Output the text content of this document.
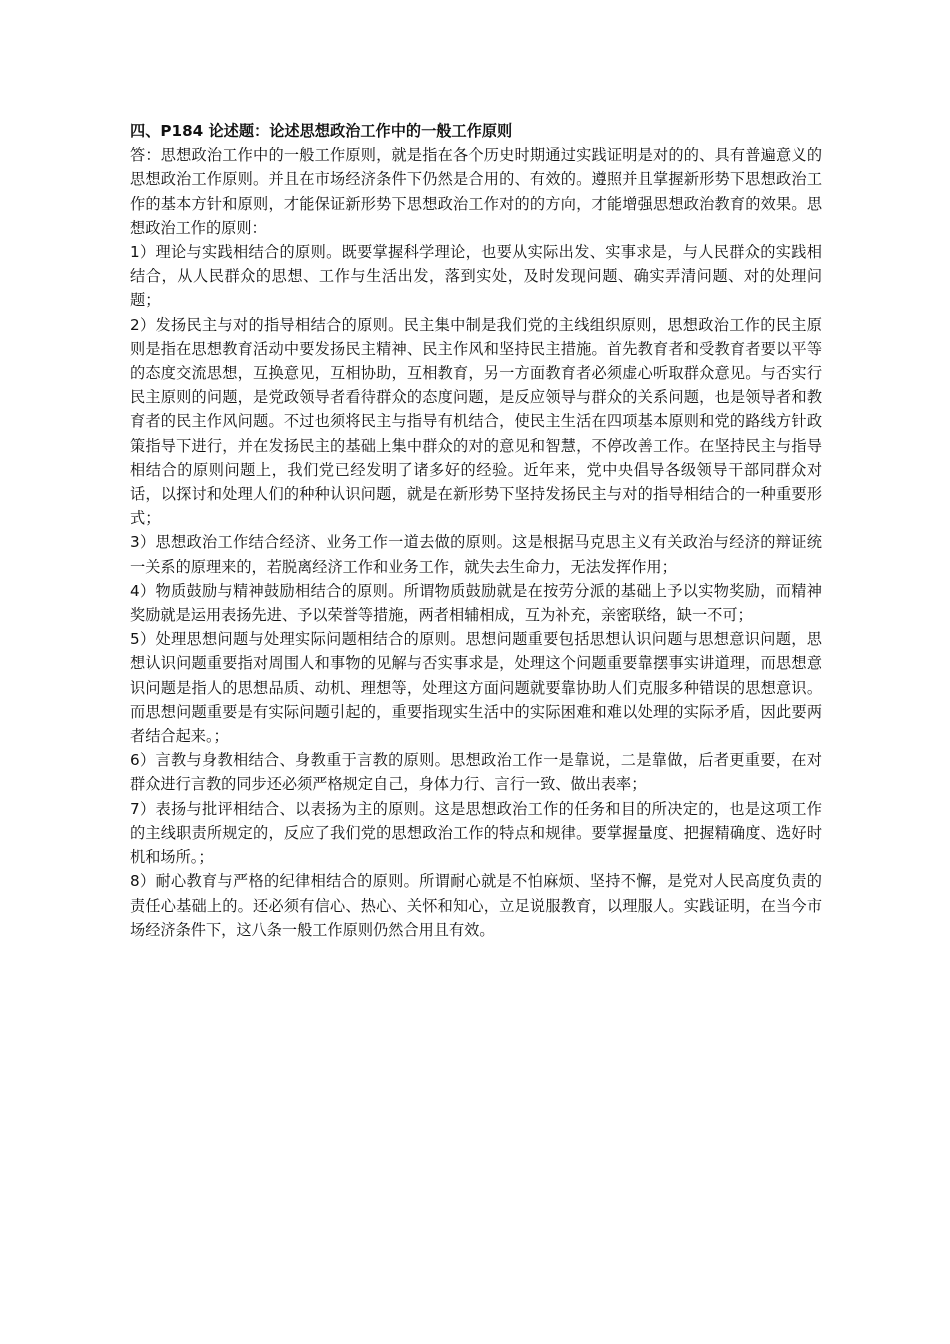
四、P184 论述题：论述思想政治工作中的一般工作原则

答：思想政治工作中的一般工作原则，就是指在各个历史时期通过实践证明是对的的、具有普遍意义的思想政治工作原则。并且在市场经济条件下仍然是合用的、有效的。遵照并且掌握新形势下思想政治工作的基本方针和原则，才能保证新形势下思想政治工作对的的方向，才能增强思想政治教育的效果。思想政治工作的原则：

1）理论与实践相结合的原则。既要掌握科学理论，也要从实际出发、实事求是，与人民群众的实践相结合，从人民群众的思想、工作与生活出发，落到实处，及时发现问题、确实弄清问题、对的处理问题；

2）发扬民主与对的指导相结合的原则。民主集中制是我们党的主线组织原则，思想政治工作的民主原则是指在思想教育活动中要发扬民主精神、民主作风和坚持民主措施。首先教育者和受教育者要以平等的态度交流思想，互换意见，互相协助，互相教育，另一方面教育者必须虚心听取群众意见。与否实行民主原则的问题，是党政领导者看待群众的态度问题，是反应领导与群众的关系问题，也是领导者和教育者的民主作风问题。不过也须将民主与指导有机结合，使民主生活在四项基本原则和党的路线方针政策指导下进行，并在发扬民主的基础上集中群众的对的意见和智慧，不停改善工作。在坚持民主与指导相结合的原则问题上，我们党已经发明了诸多好的经验。近年来，党中央倡导各级领导干部同群众对话，以探讨和处理人们的种种认识问题，就是在新形势下坚持发扬民主与对的指导相结合的一种重要形式；

3）思想政治工作结合经济、业务工作一道去做的原则。这是根据马克思主义有关政治与经济的辩证统一关系的原理来的，若脱离经济工作和业务工作，就失去生命力，无法发挥作用；

4）物质鼓励与精神鼓励相结合的原则。所谓物质鼓励就是在按劳分派的基础上予以实物奖励，而精神奖励就是运用表扬先进、予以荣誉等措施，两者相辅相成，互为补充，亲密联络，缺一不可；

5）处理思想问题与处理实际问题相结合的原则。思想问题重要包括思想认识问题与思想意识问题，思想认识问题重要指对周围人和事物的见解与否实事求是，处理这个问题重要靠摆事实讲道理，而思想意识问题是指人的思想品质、动机、理想等，处理这方面问题就要靠协助人们克服多种错误的思想意识。而思想问题重要是有实际问题引起的，重要指现实生活中的实际困难和难以处理的实际矛盾，因此要两者结合起来。；

6）言教与身教相结合、身教重于言教的原则。思想政治工作一是靠说，二是靠做，后者更重要，在对群众进行言教的同步还必须严格规定自己，身体力行、言行一致、做出表率；

7）表扬与批评相结合、以表扬为主的原则。这是思想政治工作的任务和目的所决定的，也是这项工作的主线职责所规定的，反应了我们党的思想政治工作的特点和规律。要掌握量度、把握精确度、选好时机和场所。；

8）耐心教育与严格的纪律相结合的原则。所谓耐心就是不怕麻烦、坚持不懈，是党对人民高度负责的责任心基础上的。还必须有信心、热心、关怀和知心，立足说服教育，以理服人。实践证明，在当今市场经济条件下，这八条一般工作原则仍然合用且有效。
